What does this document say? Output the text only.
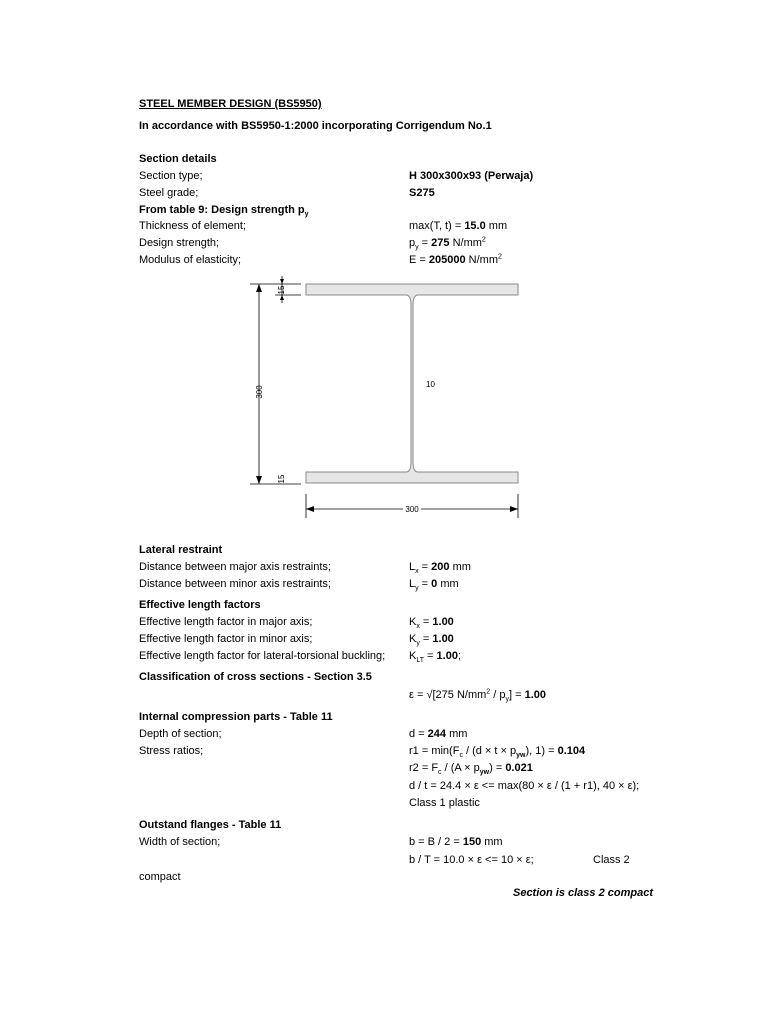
STEEL MEMBER DESIGN (BS5950)
In accordance with BS5950-1:2000 incorporating Corrigendum No.1
Section details
Section type;	H 300x300x93 (Perwaja)
Steel grade;	S275
From table 9: Design strength $p_y$
Thickness of element;	max(T, t) = 15.0 mm
Design strength;	$p_y = 275$ $N/mm^2$
Modulus of elasticity;	E = 205000 $N/mm^2$
300
15
15
10
300
Lateral restraint
Distance between major axis restraints;	$L_x = 200$ mm
Distance between minor axis restraints;	$L_y = 0$ mm
Effective length factors
Effective length factor in major axis;	$K_x = 1.00$
Effective length factor in minor axis;	$K_y = 1.00$
Effective length factor for lateral-torsional buckling; $K_{LT} = 1.00$;
Classification of cross sections - Section 3.5
ε = √[275 $N/mm^2 / p_y] = 1.00$
Internal compression parts - Table 11
Depth of section;	d = 244 mm
Stress ratios;	$r1 = \min(F_c / (d \times t \times p_{yw})$, 1) = 0.104
$r2 = F_c / (A \times p_{yw}) = 0.021$
d / t = 24.4 × ε <= max(80 × ε / (1 + r1), 40 × ε);
Class 1 plastic
Outstand flanges - Table 11
Width of section;	b = B / 2 = 150 mm
b / T = 10.0 × ε <= 10 × ε;	Class 2
compact
Section is class 2 compact
